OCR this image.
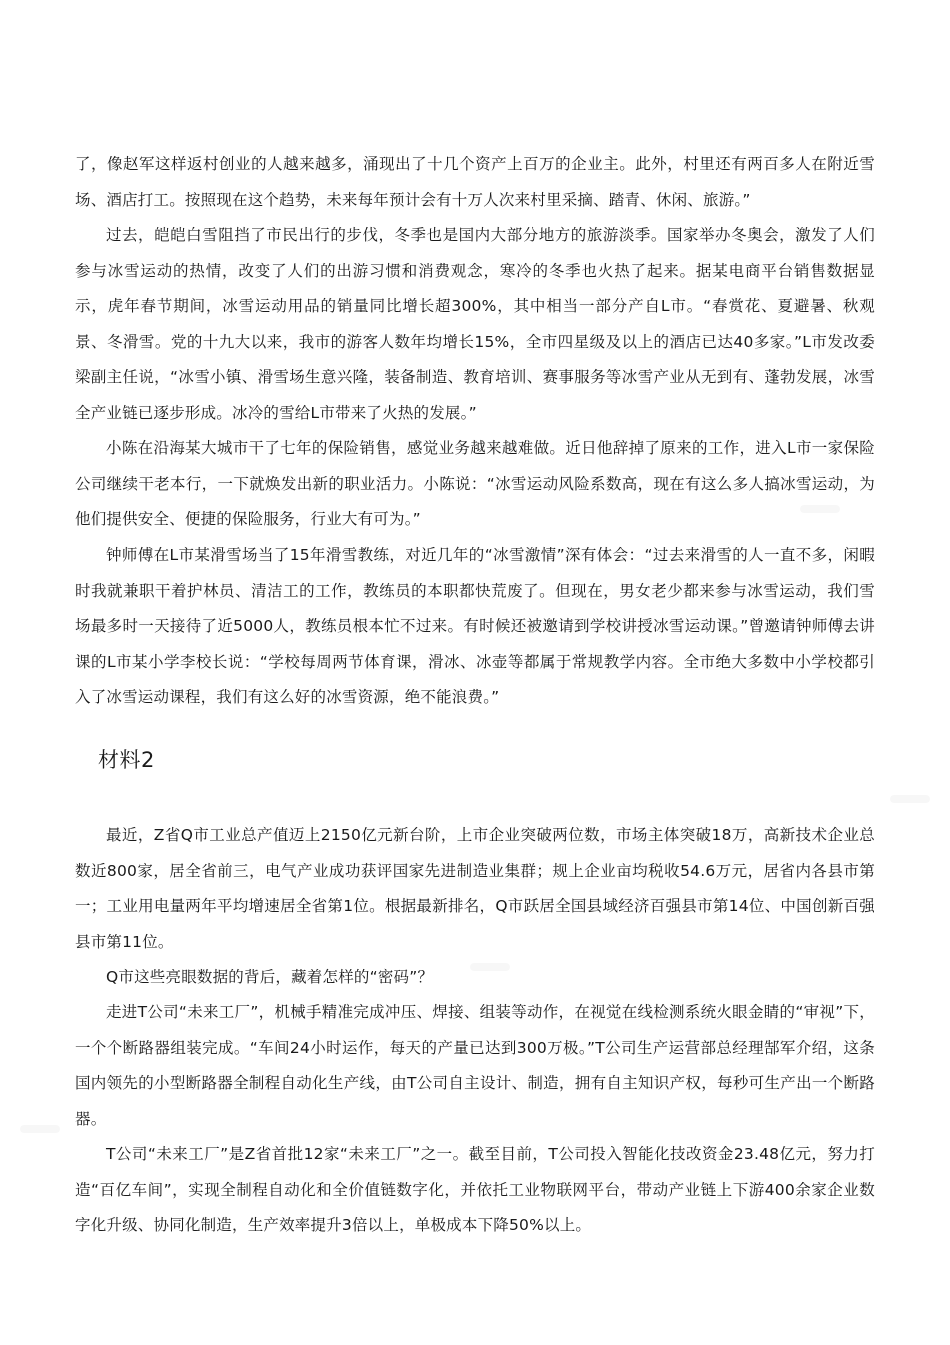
了，像赵军这样返村创业的人越来越多，涌现出了十几个资产上百万的企业主。此外，村里还有两百多人在附近雪场、酒店打工。按照现在这个趋势，未来每年预计会有十万人次来村里采摘、踏青、休闲、旅游。”

过去，皑皑白雪阻挡了市民出行的步伐，冬季也是国内大部分地方的旅游淡季。国家举办冬奥会，激发了人们参与冰雪运动的热情，改变了人们的出游习惯和消费观念，寒冷的冬季也火热了起来。据某电商平台销售数据显示，虎年春节期间，冰雪运动用品的销量同比增长超300%，其中相当一部分产自L市。“春赏花、夏避暑、秋观景、冬滑雪。党的十九大以来，我市的游客人数年均增长15%，全市四星级及以上的酒店已达40多家。”L市发改委梁副主任说，“冰雪小镇、滑雪场生意兴隆，装备制造、教育培训、赛事服务等冰雪产业从无到有、蓬勃发展，冰雪全产业链已逐步形成。冰冷的雪给L市带来了火热的发展。”

小陈在沿海某大城市干了七年的保险销售，感觉业务越来越难做。近日他辞掉了原来的工作，进入L市一家保险公司继续干老本行，一下就焕发出新的职业活力。小陈说：“冰雪运动风险系数高，现在有这么多人搞冰雪运动，为他们提供安全、便捷的保险服务，行业大有可为。”

钟师傅在L市某滑雪场当了15年滑雪教练，对近几年的“冰雪激情”深有体会：“过去来滑雪的人一直不多，闲暇时我就兼职干着护林员、清洁工的工作，教练员的本职都快荒废了。但现在，男女老少都来参与冰雪运动，我们雪场最多时一天接待了近5000人，教练员根本忙不过来。有时候还被邀请到学校讲授冰雪运动课。”曾邀请钟师傅去讲课的L市某小学李校长说：“学校每周两节体育课，滑冰、冰壶等都属于常规教学内容。全市绝大多数中小学校都引入了冰雪运动课程，我们有这么好的冰雪资源，绝不能浪费。”

材料2

最近，Z省Q市工业总产值迈上2150亿元新台阶，上市企业突破两位数，市场主体突破18万，高新技术企业总数近800家，居全省前三，电气产业成功获评国家先进制造业集群；规上企业亩均税收54.6万元，居省内各县市第一；工业用电量两年平均增速居全省第1位。根据最新排名，Q市跃居全国县域经济百强县市第14位、中国创新百强县市第11位。

Q市这些亮眼数据的背后，藏着怎样的“密码”？

走进T公司“未来工厂”，机械手精准完成冲压、焊接、组装等动作，在视觉在线检测系统火眼金睛的“审视”下，一个个断路器组装完成。“车间24小时运作，每天的产量已达到300万极。”T公司生产运营部总经理郜军介绍，这条国内领先的小型断路器全制程自动化生产线，由T公司自主设计、制造，拥有自主知识产权，每秒可生产出一个断路器。

T公司“未来工厂”是Z省首批12家“未来工厂”之一。截至目前，T公司投入智能化技改资金23.48亿元，努力打造“百亿车间”，实现全制程自动化和全价值链数字化，并依托工业物联网平台，带动产业链上下游400余家企业数字化升级、协同化制造，生产效率提升3倍以上，单极成本下降50%以上。
